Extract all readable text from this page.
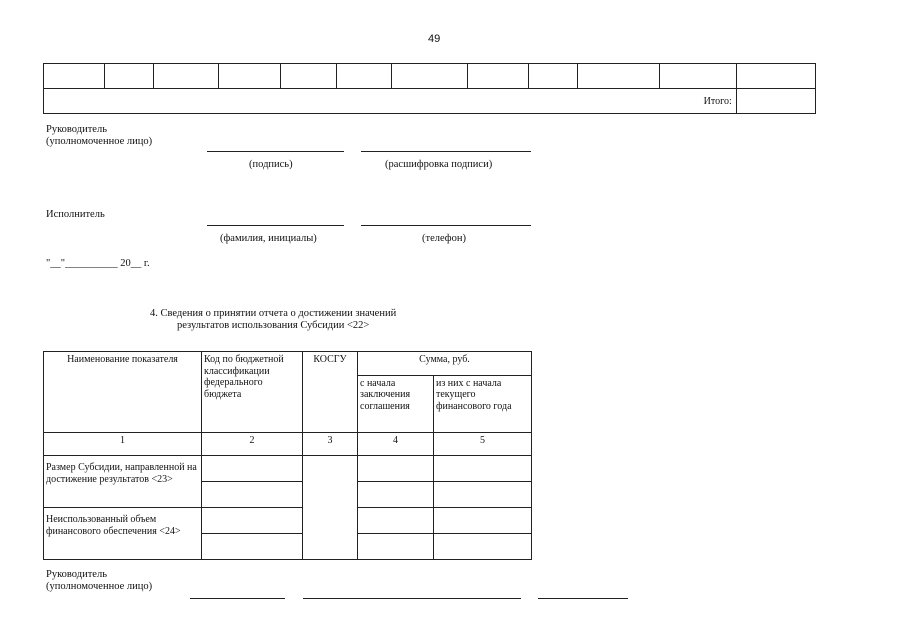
49

Итого:											
Руководитель
(уполномоченное лицо)
(подпись)	(расшифровка подписи)
Исполнитель
(фамилия, инициалы)	(телефон)
"__"__________ 20__ г.
4. Сведения о принятии отчета о достижении значений
результатов использования Субсидии <22>
Наименование показателя	Код по бюджетной классификации федерального бюджета	КОСГУ	Сумма, руб.	
			с начала заключения соглашения	из них с начала текущего финансового года
1	2	3	4	5
Размер Субсидии, направленной на достижение результатов <23>				

Неиспользованный объем финансового обеспечения <24>				

Руководитель
(уполномоченное лицо)
